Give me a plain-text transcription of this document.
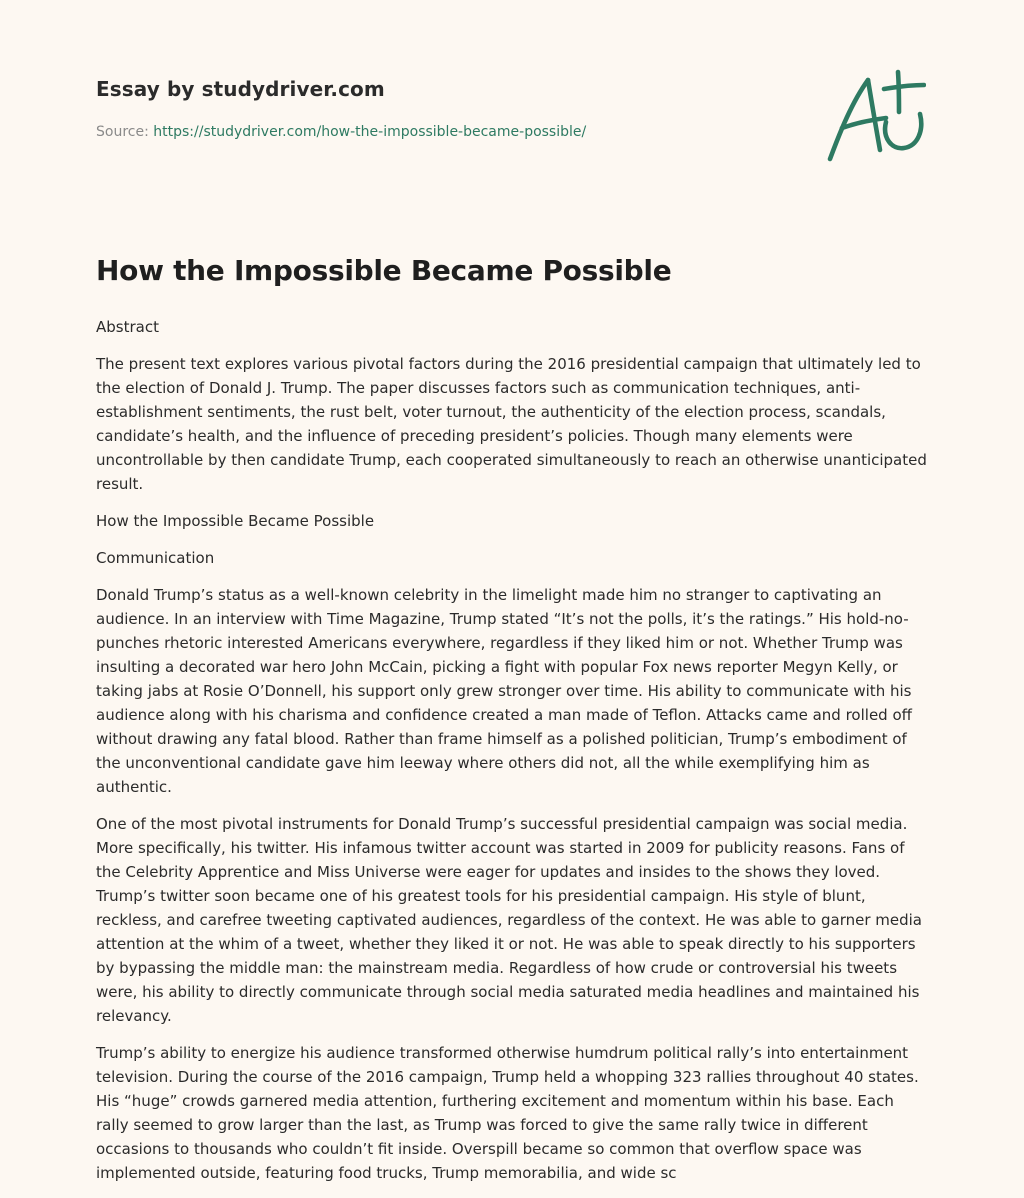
Essay by studydriver.com
Source: https://studydriver.com/how-the-impossible-became-possible/
How the Impossible Became Possible

Abstract

The present text explores various pivotal factors during the 2016 presidential campaign that ultimately led to the election of Donald J. Trump. The paper discusses factors such as communication techniques, anti-establishment sentiments, the rust belt, voter turnout, the authenticity of the election process, scandals, candidate’s health, and the influence of preceding president’s policies. Though many elements were uncontrollable by then candidate Trump, each cooperated simultaneously to reach an otherwise unanticipated result.

How the Impossible Became Possible

Communication

Donald Trump’s status as a well-known celebrity in the limelight made him no stranger to captivating an audience. In an interview with Time Magazine, Trump stated “It’s not the polls, it’s the ratings.” His hold-no-punches rhetoric interested Americans everywhere, regardless if they liked him or not. Whether Trump was insulting a decorated war hero John McCain, picking a fight with popular Fox news reporter Megyn Kelly, or taking jabs at Rosie O’Donnell, his support only grew stronger over time. His ability to communicate with his audience along with his charisma and confidence created a man made of Teflon. Attacks came and rolled off without drawing any fatal blood. Rather than frame himself as a polished politician, Trump’s embodiment of the unconventional candidate gave him leeway where others did not, all the while exemplifying him as authentic.

One of the most pivotal instruments for Donald Trump’s successful presidential campaign was social media. More specifically, his twitter. His infamous twitter account was started in 2009 for publicity reasons. Fans of the Celebrity Apprentice and Miss Universe were eager for updates and insides to the shows they loved. Trump’s twitter soon became one of his greatest tools for his presidential campaign. His style of blunt, reckless, and carefree tweeting captivated audiences, regardless of the context. He was able to garner media attention at the whim of a tweet, whether they liked it or not. He was able to speak directly to his supporters by bypassing the middle man: the mainstream media. Regardless of how crude or controversial his tweets were, his ability to directly communicate through social media saturated media headlines and maintained his relevancy.

Trump’s ability to energize his audience transformed otherwise humdrum political rally’s into entertainment television. During the course of the 2016 campaign, Trump held a whopping 323 rallies throughout 40 states. His “huge” crowds garnered media attention, furthering excitement and momentum within his base. Each rally seemed to grow larger than the last, as Trump was forced to give the same rally twice in different occasions to thousands who couldn’t fit inside. Overspill became so common that overflow space was implemented outside, featuring food trucks, Trump memorabilia, and wide sc
